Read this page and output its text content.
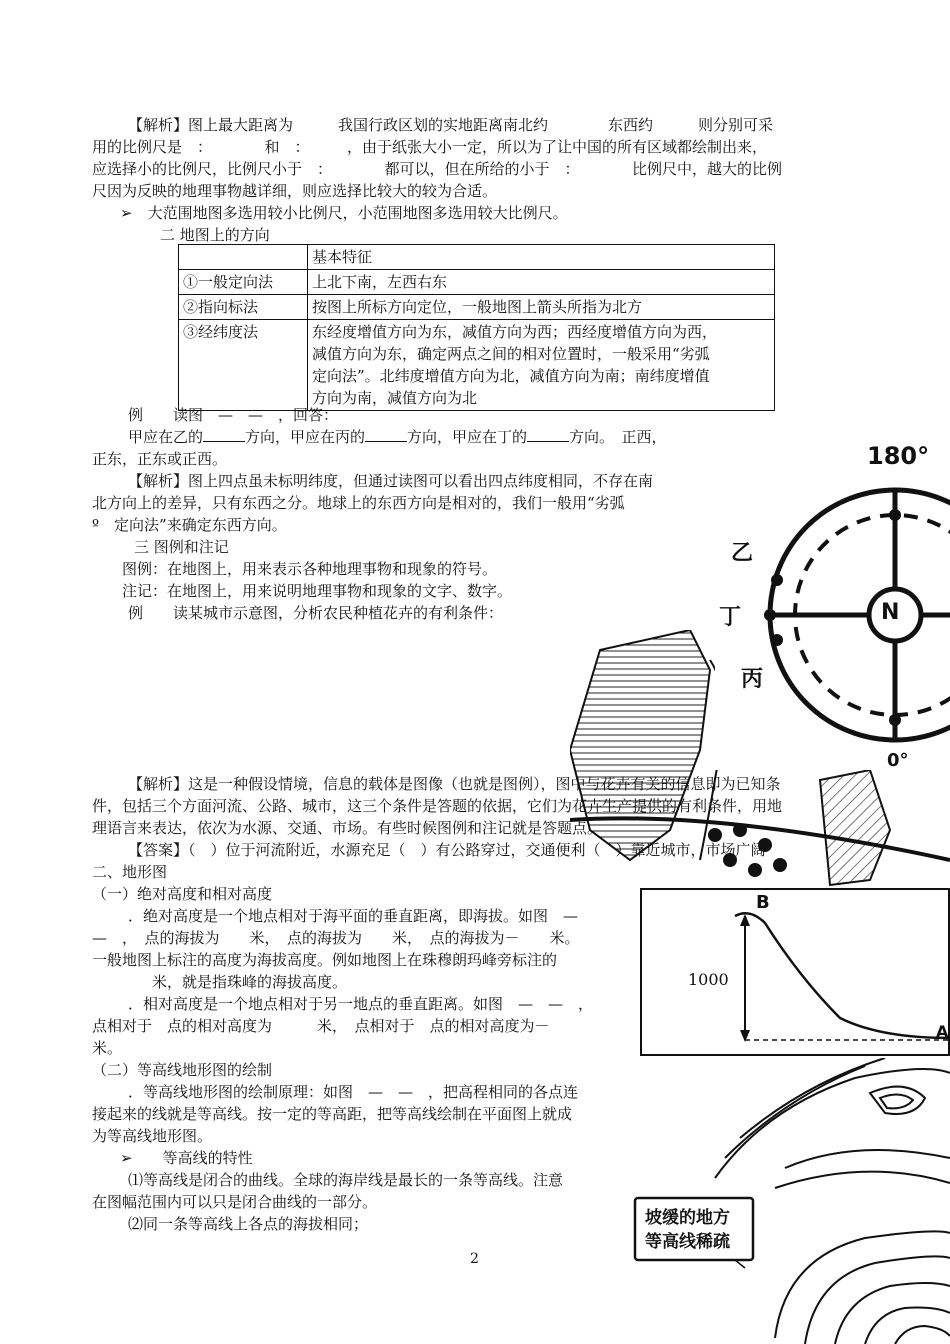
【解析】图上最大距离为　　　我国行政区划的实地距离南北约　　　　东西约　　　则分别可采
用的比例尺是　：　　　　和　：　　　，由于纸张大小一定，所以为了让中国的所有区域都绘制出来，
应选择小的比例尺，比例尺小于　：　　　　都可以，但在所给的小于　：　　　　比例尺中，越大的比例
尺因为反映的地理事物越详细，则应选择比较大的较为合适。
➢　大范围地图多选用较小比例尺，小范围地图多选用较大比例尺。
二 地图上的方向
	基本特征
①一般定向法	上北下南，左西右东
②指向标法	按图上所标方向定位，一般地图上箭头所指为北方
③经纬度法	东经度增值方向为东，减值方向为西；西经度增值方向为西，
减值方向为东，确定两点之间的相对位置时，一般采用“劣弧
定向法”。北纬度增值方向为北，减值方向为南；南纬度增值
方向为南，减值方向为北
例　　读图　—　—　，回答：
甲应在乙的	方向，甲应在丙的	方向，甲应在丁的	方向。　正西，
正东，正东或正西。
【解析】图上四点虽未标明纬度，但通过读图可以看出四点纬度相同，不存在南
北方向上的差异，只有东西之分。地球上的东西方向是相对的，我们一般用“劣弧
º　定向法”来确定东西方向。
三 图例和注记
图例：在地图上，用来表示各种地理事物和现象的符号。
注记：在地图上，用来说明地理事物和现象的文字、数字。
例　　读某城市示意图，分析农民种植花卉的有利条件：
180°
N
乙
丁
丙
0°
【解析】这是一种假设情境，信息的载体是图像（也就是图例），图中与花卉有关的信息即为已知条
件，包括三个方面河流、公路、城市，这三个条件是答题的依据，它们为花卉生产提供的有利条件，用地
理语言来表达，依次为水源、交通、市场。有些时候图例和注记就是答题点。
【答案】（　）位于河流附近，水源充足（　）有公路穿过，交通便利（　）靠近城市，市场广阔
二、地形图
（一）绝对高度和相对高度
．绝对高度是一个地点相对于海平面的垂直距离，即海拔。如图　—
—　，　点的海拔为　　米，　点的海拔为　　米，　点的海拔为－　　米。
一般地图上标注的高度为海拔高度。例如地图上在珠穆朗玛峰旁标注的
米，就是指珠峰的海拔高度。
．相对高度是一个地点相对于另一地点的垂直距离。如图　—　—　，
点相对于　点的相对高度为　　　米，　点相对于　点的相对高度为－
米。
（二）等高线地形图的绘制
．等高线地形图的绘制原理：如图　—　—　，把高程相同的各点连
接起来的线就是等高线。按一定的等高距，把等高线绘制在平面图上就成
为等高线地形图。
➢　　等高线的特性
⑴等高线是闭合的曲线。全球的海岸线是最长的一条等高线。注意
在图幅范围内可以只是闭合曲线的一部分。
⑵同一条等高线上各点的海拔相同；
B
1000
A
坡缓的地方
等高线稀疏
2
